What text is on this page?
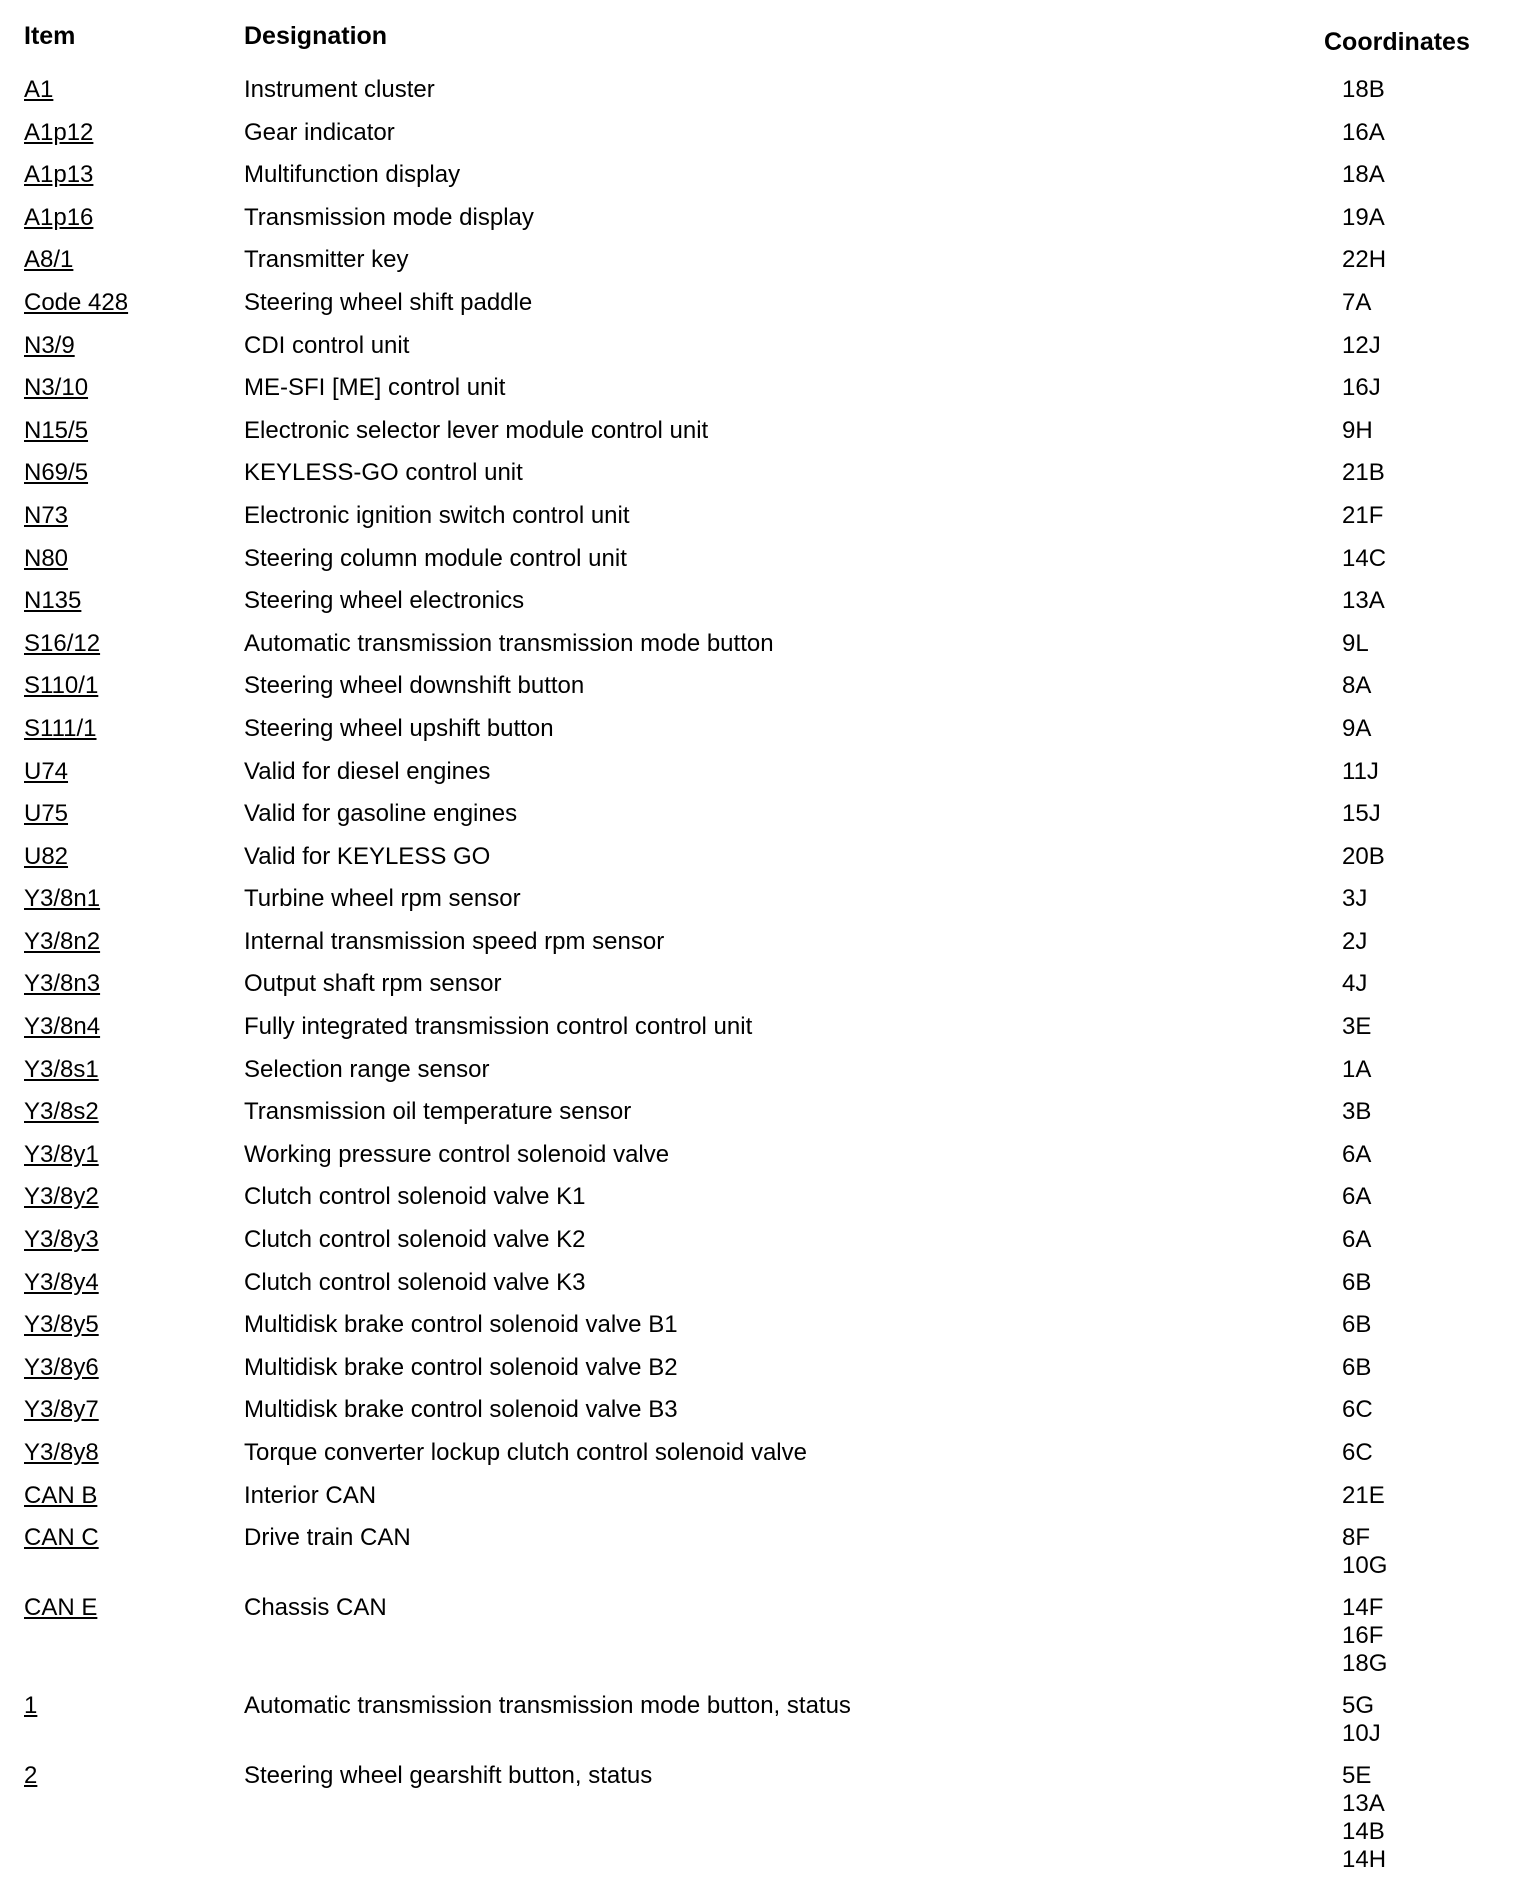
Item	Designation	Coordinates
A1	Instrument cluster	18B
A1p12	Gear indicator	16A
A1p13	Multifunction display	18A
A1p16	Transmission mode display	19A
A8/1	Transmitter key	22H
Code 428	Steering wheel shift paddle	7A
N3/9	CDI control unit	12J
N3/10	ME-SFI [ME] control unit	16J
N15/5	Electronic selector lever module control unit	9H
N69/5	KEYLESS-GO control unit	21B
N73	Electronic ignition switch control unit	21F
N80	Steering column module control unit	14C
N135	Steering wheel electronics	13A
S16/12	Automatic transmission transmission mode button	9L
S110/1	Steering wheel downshift button	8A
S111/1	Steering wheel upshift button	9A
U74	Valid for diesel engines	11J
U75	Valid for gasoline engines	15J
U82	Valid for KEYLESS GO	20B
Y3/8n1	Turbine wheel rpm sensor	3J
Y3/8n2	Internal transmission speed rpm sensor	2J
Y3/8n3	Output shaft rpm sensor	4J
Y3/8n4	Fully integrated transmission control control unit	3E
Y3/8s1	Selection range sensor	1A
Y3/8s2	Transmission oil temperature sensor	3B
Y3/8y1	Working pressure control solenoid valve	6A
Y3/8y2	Clutch control solenoid valve K1	6A
Y3/8y3	Clutch control solenoid valve K2	6A
Y3/8y4	Clutch control solenoid valve K3	6B
Y3/8y5	Multidisk brake control solenoid valve B1	6B
Y3/8y6	Multidisk brake control solenoid valve B2	6B
Y3/8y7	Multidisk brake control solenoid valve B3	6C
Y3/8y8	Torque converter lockup clutch control solenoid valve	6C
CAN B	Interior CAN	21E
CAN C	Drive train CAN	8F
10G
CAN E	Chassis CAN	14F
16F
18G
1	Automatic transmission transmission mode button, status	5G
10J
2	Steering wheel gearshift button, status	5E
13A
14B
14H
